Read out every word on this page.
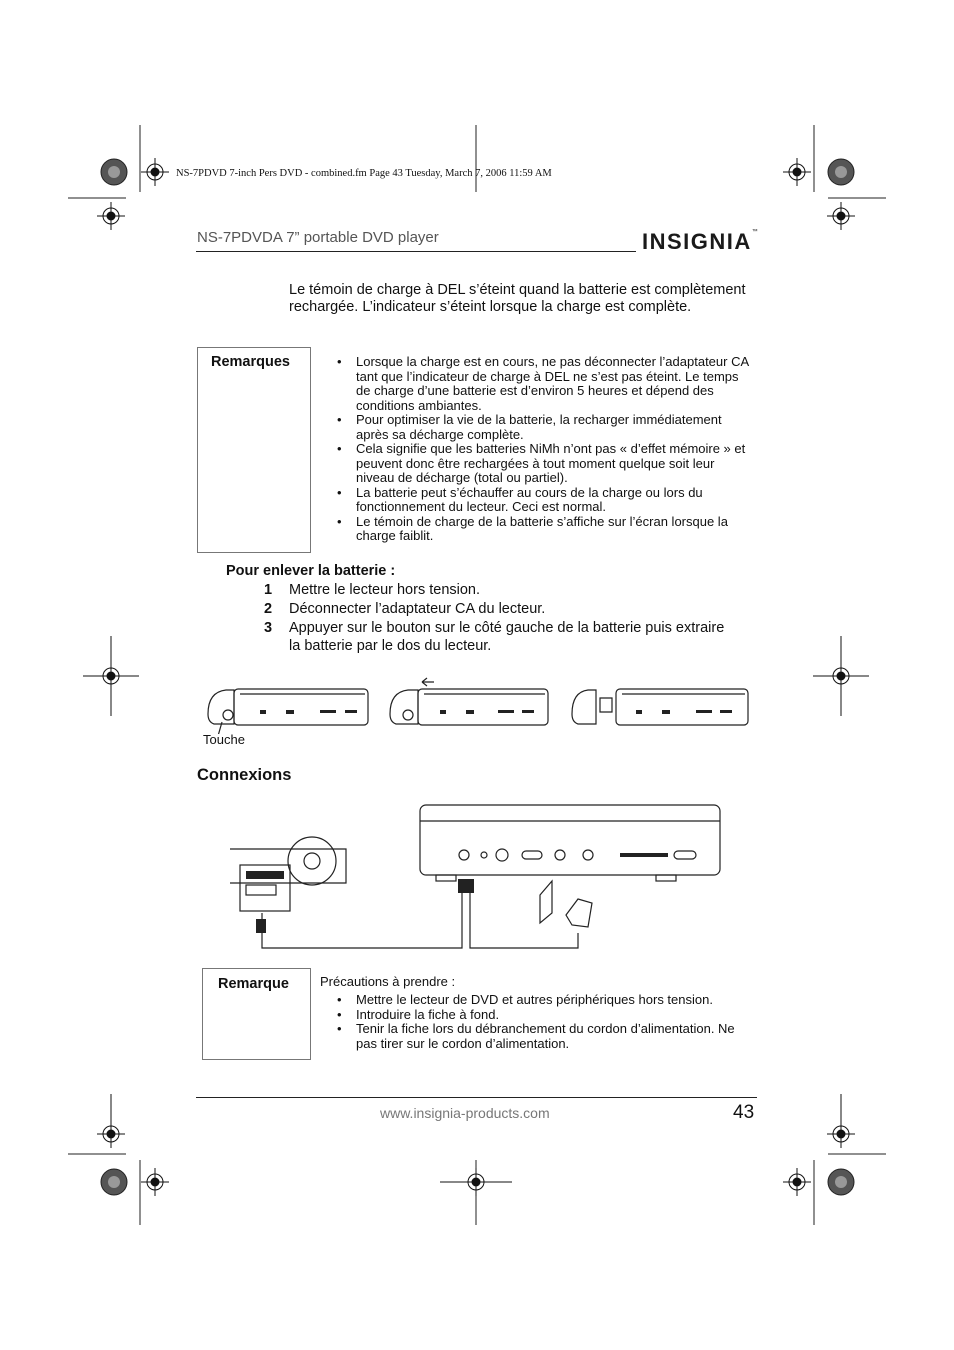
NS-7PDVD 7-inch Pers DVD - combined.fm Page 43 Tuesday, March 7, 2006 11:59 AM
NS-7PDVDA 7” portable DVD player	INSIGNIA™
Le témoin de charge à DEL s’éteint quand la batterie est complètement rechargée. L’indicateur s’éteint lorsque la charge est complète.
Remarques
•	Lorsque la charge est en cours, ne pas déconnecter l’adaptateur CA tant que l’indicateur de charge à DEL ne s’est pas éteint. Le temps de charge d’une batterie est d’environ 5 heures et dépend des conditions ambiantes.
• Pour optimiser la vie de la batterie, la recharger immédiatement après sa décharge complète.
• Cela signifie que les batteries NiMh n’ont pas « d’effet mémoire » et peuvent donc être rechargées à tout moment quelque soit leur niveau de décharge (total ou partiel).
• La batterie peut s’échauffer au cours de la charge ou lors du fonctionnement du lecteur. Ceci est normal.
• Le témoin de charge de la batterie s’affiche sur l’écran lorsque la charge faiblit.
Pour enlever la batterie :
1 Mettre le lecteur hors tension.
2 Déconnecter l’adaptateur CA du lecteur.
3 Appuyer sur le bouton sur le côté gauche de la batterie puis extraire la batterie par le dos du lecteur.
Touche
Connexions
Remarque Précautions à prendre :
• Mettre le lecteur de DVD et autres périphériques hors tension.
• Introduire la fiche à fond.
• Tenir la fiche lors du débranchement du cordon d’alimentation. Ne pas tirer sur le cordon d’alimentation.
www.insignia-products.com	43
